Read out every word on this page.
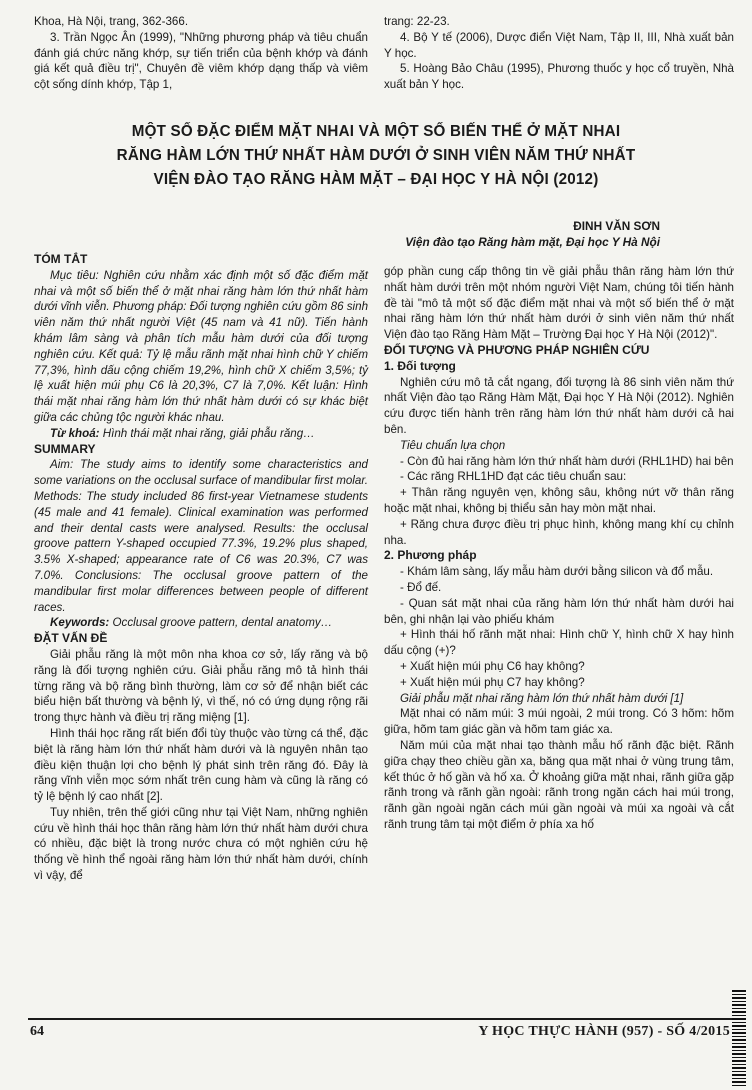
Khoa, Hà Nội, trang, 362-366.

3. Trần Ngọc Ân (1999), "Những phương pháp và tiêu chuẩn đánh giá chức năng khớp, sự tiến triển của bệnh khớp và đánh giá kết quả điều trị", Chuyên đề viêm khớp dạng thấp và viêm cột sống dính khớp, Tập 1,

trang: 22-23.

4. Bộ Y tế (2006), Dược điển Việt Nam, Tập II, III, Nhà xuất bản Y học.

5. Hoàng Bảo Châu (1995), Phương thuốc y học cổ truyền, Nhà xuất bản Y học.

MỘT SỐ ĐẶC ĐIỂM MẶT NHAI VÀ MỘT SỐ BIẾN THỂ Ở MẶT NHAI
RĂNG HÀM LỚN THỨ NHẤT HÀM DƯỚI Ở SINH VIÊN NĂM THỨ NHẤT
VIỆN ĐÀO TẠO RĂNG HÀM MẶT – ĐẠI HỌC Y HÀ NỘI (2012)
ĐINH VĂN SƠN
Viện đào tạo Răng hàm mặt, Đại học Y Hà Nội

TÓM TẮT

Mục tiêu: Nghiên cứu nhằm xác định một số đặc điểm mặt nhai và một số biến thể ở mặt nhai răng hàm lớn thứ nhất hàm dưới vĩnh viễn. Phương pháp: Đối tượng nghiên cứu gồm 86 sinh viên năm thứ nhất người Việt (45 nam và 41 nữ). Tiến hành khám lâm sàng và phân tích mẫu hàm dưới của đối tượng nghiên cứu. Kết quả: Tỷ lệ mẫu rãnh mặt nhai hình chữ Y chiếm 77,3%, hình dấu cộng chiếm 19,2%, hình chữ X chiếm 3,5%; tỷ lệ xuất hiện múi phụ C6 là 20,3%, C7 là 7,0%. Kết luận: Hình thái mặt nhai răng hàm lớn thứ nhất hàm dưới có sự khác biệt giữa các chủng tộc người khác nhau.

Từ khoá: Hình thái mặt nhai răng, giải phẫu răng…

SUMMARY

Aim: The study aims to identify some characteristics and some variations on the occlusal surface of mandibular first molar. Methods: The study included 86 first-year Vietnamese students (45 male and 41 female). Clinical examination was performed and their dental casts were analysed. Results: the occlusal groove pattern Y-shaped occupied 77.3%, 19.2% plus shaped, 3.5% X-shaped; appearance rate of C6 was 20.3%, C7 was 7.0%. Conclusions: The occlusal groove pattern of the mandibular first molar differences between people of different races.

Keywords: Occlusal groove pattern, dental anatomy…

ĐẶT VẤN ĐỀ

Giải phẫu răng là một môn nha khoa cơ sở, lấy răng và bộ răng là đối tượng nghiên cứu. Giải phẫu răng mô tả hình thái từng răng và bộ răng bình thường, làm cơ sở để nhận biết các biểu hiện bất thường và bệnh lý, vì thế, nó có ứng dụng rộng rãi trong thực hành và điều trị răng miệng [1].

Hình thái học răng rất biến đổi tùy thuộc vào từng cá thể, đặc biệt là răng hàm lớn thứ nhất hàm dưới và là nguyên nhân tạo điều kiện thuận lợi cho bệnh lý phát sinh trên răng đó. Đây là răng vĩnh viễn mọc sớm nhất trên cung hàm và cũng là răng có tỷ lệ bệnh lý cao nhất [2].

Tuy nhiên, trên thế giới cũng như tại Việt Nam, những nghiên cứu về hình thái học thân răng hàm lớn thứ nhất hàm dưới chưa có nhiều, đặc biệt là trong nước chưa có một nghiên cứu hệ thống về hình thể ngoài răng hàm lớn thứ nhất hàm dưới, chính vì vậy, để

góp phần cung cấp thông tin về giải phẫu thân răng hàm lớn thứ nhất hàm dưới trên một nhóm người Việt Nam, chúng tôi tiến hành đề tài "mô tả một số đặc điểm mặt nhai và một số biến thể ở mặt nhai răng hàm lớn thứ nhất hàm dưới ở sinh viên năm thứ nhất Viện đào tạo Răng Hàm Mặt – Trường Đại học Y Hà Nội (2012)".

ĐỐI TƯỢNG VÀ PHƯƠNG PHÁP NGHIÊN CỨU

1. Đối tượng

Nghiên cứu mô tả cắt ngang, đối tượng là 86 sinh viên năm thứ nhất Viện đào tạo Răng Hàm Mặt, Đại học Y Hà Nội (2012). Nghiên cứu được tiến hành trên răng hàm lớn thứ nhất hàm dưới cả hai bên.

Tiêu chuẩn lựa chọn

- Còn đủ hai răng hàm lớn thứ nhất hàm dưới (RHL1HD) hai bên

- Các răng RHL1HD đạt các tiêu chuẩn sau:

+ Thân răng nguyên vẹn, không sâu, không nứt vỡ thân răng hoặc mặt nhai, không bị thiểu sản hay mòn mặt nhai.

+ Răng chưa được điều trị phục hình, không mang khí cụ chỉnh nha.

2. Phương pháp

- Khám lâm sàng, lấy mẫu hàm dưới bằng silicon và đổ mẫu.

- Đổ đế.

- Quan sát mặt nhai của răng hàm lớn thứ nhất hàm dưới hai bên, ghi nhận lại vào phiếu khám

+ Hình thái hố rãnh mặt nhai: Hình chữ Y, hình chữ X hay hình dấu cộng (+)?

+ Xuất hiện múi phụ C6 hay không?

+ Xuất hiện múi phụ C7 hay không?

Giải phẫu mặt nhai răng hàm lớn thứ nhất hàm dưới [1]

Mặt nhai có năm múi: 3 múi ngoài, 2 múi trong. Có 3 hõm: hõm giữa, hõm tam giác gần và hõm tam giác xa.

Năm múi của mặt nhai tạo thành mẫu hố rãnh đặc biệt. Rãnh giữa chạy theo chiều gần xa, băng qua mặt nhai ở vùng trung tâm, kết thúc ở hố gần và hố xa. Ở khoảng giữa mặt nhai, rãnh giữa gặp rãnh trong và rãnh gần ngoài: rãnh trong ngăn cách hai múi trong, rãnh gần ngoài ngăn cách múi gần ngoài và múi xa ngoài và cắt rãnh trung tâm tại một điểm ở phía xa hố

64	Y HỌC THỰC HÀNH (957) - SỐ 4/2015
